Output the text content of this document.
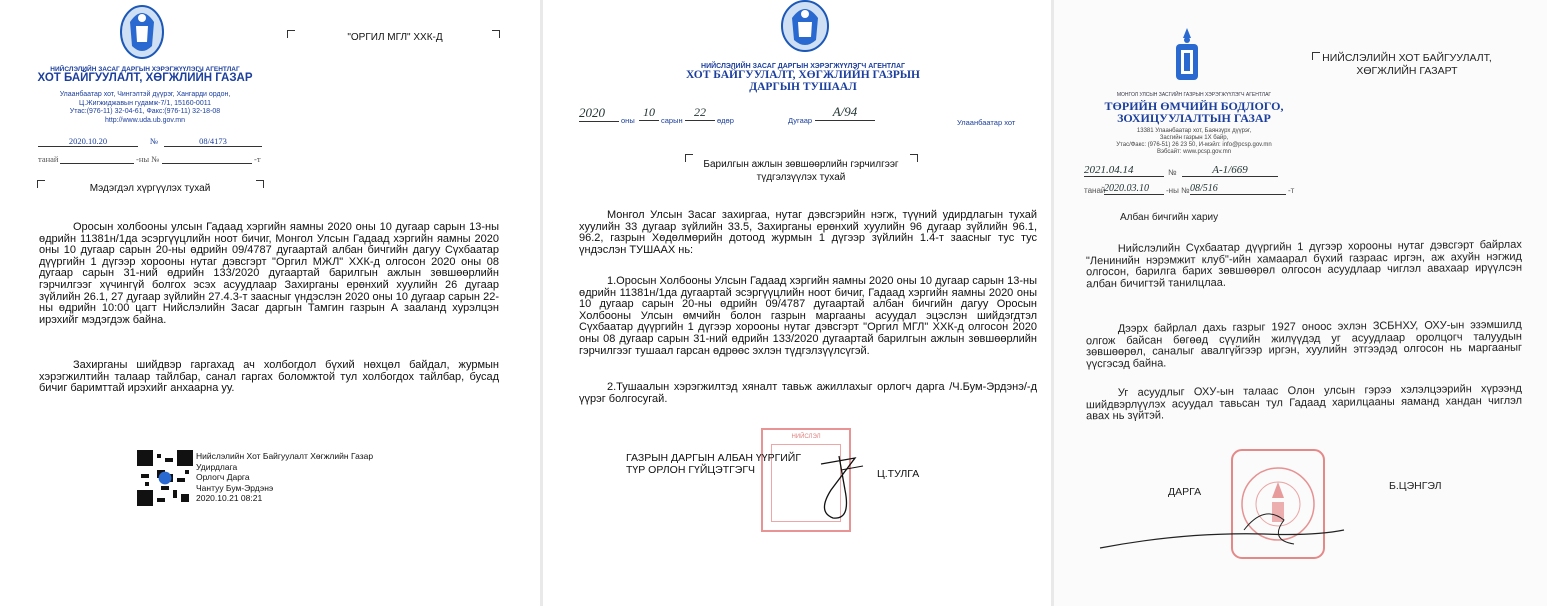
НИЙСЛЭЛИЙН ЗАСАГ ДАРГЫН ХЭРЭГЖҮҮЛЭГЧ АГЕНТЛАГ
ХОТ БАЙГУУЛАЛТ, ХӨГЖЛИЙН ГАЗАР
Улаанбаатар хот, Чингэлтэй дүүрэг, Хангарди ордон,
Ц.Жигжиджавын гудамж-7/1, 15160-0011
Утас:(976-11) 32-04-61, Факс:(976-11) 32-18-08
http://www.uda.ub.gov.mn
2020.10.20	№	08/4173
танай	-ны №	-т
"ОРГИЛ МГЛ" ХХК-Д
Мэдэгдэл хүргүүлэх тухай
Оросын холбооны улсын Гадаад хэргийн яамны 2020 оны 10 дугаар сарын 13-ны өдрийн 11381н/1да эсэргүүцлийн ноот бичиг, Монгол Улсын Гадаад хэргийн яамны 2020 оны 10 дугаар сарын 20-ны өдрийн 09/4787 дугаартай албан бичгийн дагуу Сүхбаатар дүүргийн 1 дүгээр хорооны нутаг дэвсгэрт "Оргил МЖЛ" ХХК-д олгосон 2020 оны 08 дугаар сарын 31-ний өдрийн 133/2020 дугаартай барилгын ажлын зөвшөөрлийн гэрчилгээг хүчингүй болгох эсэх асуудлаар Захирганы ерөнхий хуулийн 26 дугаар зүйлийн 26.1, 27 дугаар зүйлийн 27.4.3-т заасныг үндэслэн 2020 оны 10 дугаар сарын 22-ны өдрийн 10:00 цагт Нийслэлийн Засаг даргын Тамгин газрын А зааланд хурэлцэн ирэхийг мэдэгдэж байна.
Захирганы шийдвэр гаргахад ач холбогдол бүхий нөхцөл байдал, журмын хэрэгжилтийн талаар тайлбар, санал гаргах боломжтой тул холбогдох тайлбар, бусад бичиг баримттай ирэхийг анхаарна уу.
Нийслэлийн Хот Байгуулалт Хөгжлийн Газар
Удирдлага
Орлогч Дарга
Чантуу Бум-Эрдэнэ
2020.10.21 08:21
НИЙСЛЭЛИЙН ЗАСАГ ДАРГЫН ХЭРЭГЖҮҮЛЭГЧ АГЕНТЛАГ
ХОТ БАЙГУУЛАЛТ, ХӨГЖЛИЙН ГАЗРЫН
ДАРГЫН ТУШААЛ
2020
оны
10
сарын
22
өдөр	Дугаар
А/94
Улаанбаатар хот
Барилгын ажлын зөвшөөрлийн гэрчилгээг
түдгэлзүүлэх тухай
Монгол Улсын Засаг захиргаа, нутаг дэвсгэрийн нэгж, түүний удирдлагын тухай хуулийн 33 дугаар зүйлийн 33.5, Захирганы ерөнхий хуулийн 96 дугаар зүйлийн 96.1, 96.2, газрын Хөдөлмөрийн дотоод журмын 1 дүгээр зүйлийн 1.4-т заасныг тус тус үндэслэн ТУШААХ нь:
1.Оросын Холбооны Улсын Гадаад хэргийн яамны 2020 оны 10 дугаар сарын 13-ны өдрийн 11381н/1да дугаартай эсэргүүцлийн ноот бичиг, Гадаад хэргийн яамны 2020 оны 10 дугаар сарын 20-ны өдрийн 09/4787 дугаартай албан бичгийн дагуу Оросын Холбооны Улсын өмчийн болон газрын маргааны асуудал эцэслэн шийдэгдтэл Сүхбаатар дүүргийн 1 дүгээр хорооны нутаг дэвсгэрт "Оргил МГЛ" ХХК-д олгосон 2020 оны 08 дугаар сарын 31-ний өдрийн 133/2020 дугаартай барилгын ажлын зөвшөөрлийн гэрчилгээг тушаал гарсан өдрөөс эхлэн түдгэлзүүлсүгэй.
2.Тушаалын хэрэгжилтэд хяналт тавьж ажиллахыг орлогч дарга /Ч.Бум-Эрдэнэ/-д үүрэг болгосугай.
НИЙСЛЭЛ
ГАЗРЫН ДАРГЫН АЛБАН ҮҮРГИЙГ
ТҮР ОРЛОН ГҮЙЦЭТГЭГЧ	Ц.ТУЛГА
МОНГОЛ УЛСЫН ЗАСГИЙН ГАЗРЫН ХЭРЭГЖҮҮЛЭГЧ АГЕНТЛАГ
ТӨРИЙН ӨМЧИЙН БОДЛОГО,
ЗОХИЦУУЛАЛТЫН ГАЗАР
13381 Улаанбаатар хот, Баянзүрх дүүрэг,
Засгийн газрын 1Х байр,
Утас/Факс: (976-51) 26 23 50, И-мэйл: info@pcsp.gov.mn
Вэбсайт: www.pcsp.gov.mn
2021.04.14	№	А-1/669
танай
2020.03.10	-ны № 08/516	-т
НИЙСЛЭЛИЙН ХОТ БАЙГУУЛАЛТ,
ХӨГЖЛИЙН ГАЗАРТ
Албан бичгийн хариу
Нийслэлийн Сүхбаатар дүүргийн 1 дүгээр хорооны нутаг дэвсгэрт байрлах "Ленинийн нэрэмжит клуб"-ийн хамаарал бүхий газраас иргэн, аж ахуйн нэгжид олгосон, барилга барих зөвшөөрөл олгосон асуудлаар чиглэл авахаар ирүүлсэн албан бичигтэй танилцлаа.
Дээрх байрлал дахь газрыг 1927 оноос эхлэн ЗСБНХУ, ОХУ-ын эзэмшилд олгож байсан бөгөөд сүүлийн жилүүдэд уг асуудлаар оролцогч талуудын зөвшөөрөл, саналыг авалгүйгээр иргэн, хуулийн этгээдэд олгосон нь маргааныг үүсгэсэд байна.
Уг асуудлыг ОХУ-ын талаас Олон улсын гэрээ хэлэлцээрийн хүрээнд шийдвэрлүүлэх асуудал тавьсан тул Гадаад харилцааны яаманд хандан чиглэл авах нь зүйтэй.
ДАРГА	Б.ЦЭНГЭЛ
